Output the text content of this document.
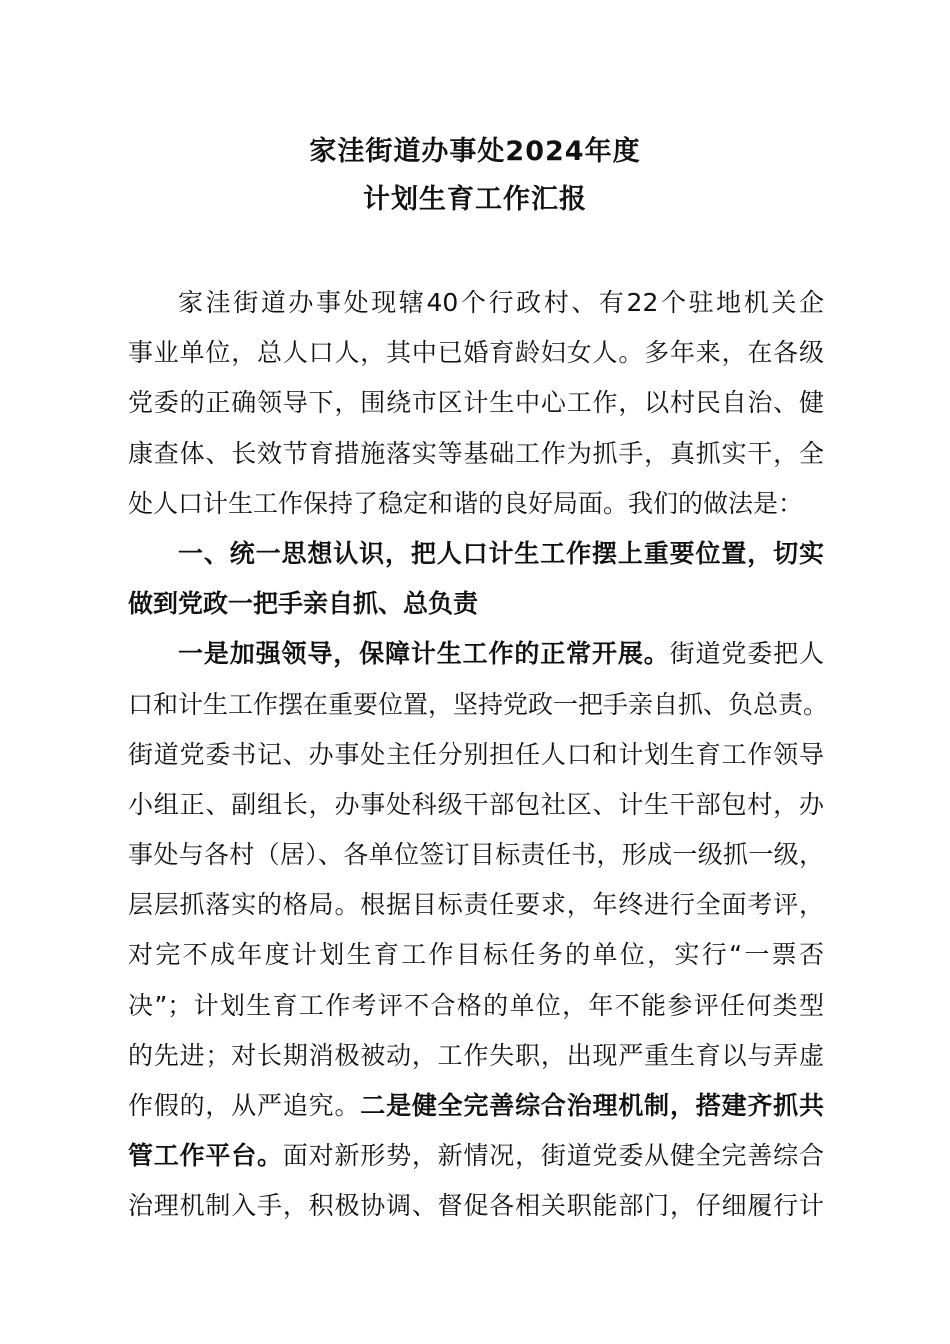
家洼街道办事处2024年度
计划生育工作汇报
家洼街道办事处现辖40个行政村、有22个驻地机关企
事业单位，总人口人，其中已婚育龄妇女人。多年来，在各级
党委的正确领导下，围绕市区计生中心工作，以村民自治、健
康查体、长效节育措施落实等基础工作为抓手，真抓实干，全
处人口计生工作保持了稳定和谐的良好局面。我们的做法是：
一、统一思想认识，把人口计生工作摆上重要位置，切实
做到党政一把手亲自抓、总负责
一是加强领导，保障计生工作的正常开展。街道党委把人
口和计生工作摆在重要位置，坚持党政一把手亲自抓、负总责。
街道党委书记、办事处主任分别担任人口和计划生育工作领导
小组正、副组长，办事处科级干部包社区、计生干部包村，办
事处与各村（居）、各单位签订目标责任书，形成一级抓一级，
层层抓落实的格局。根据目标责任要求，年终进行全面考评，
对完不成年度计划生育工作目标任务的单位，实行“一票否
决”；计划生育工作考评不合格的单位，年不能参评任何类型
的先进；对长期消极被动，工作失职，出现严重生育以与弄虚
作假的，从严追究。二是健全完善综合治理机制，搭建齐抓共
管工作平台。面对新形势，新情况，街道党委从健全完善综合
治理机制入手，积极协调、督促各相关职能部门，仔细履行计
